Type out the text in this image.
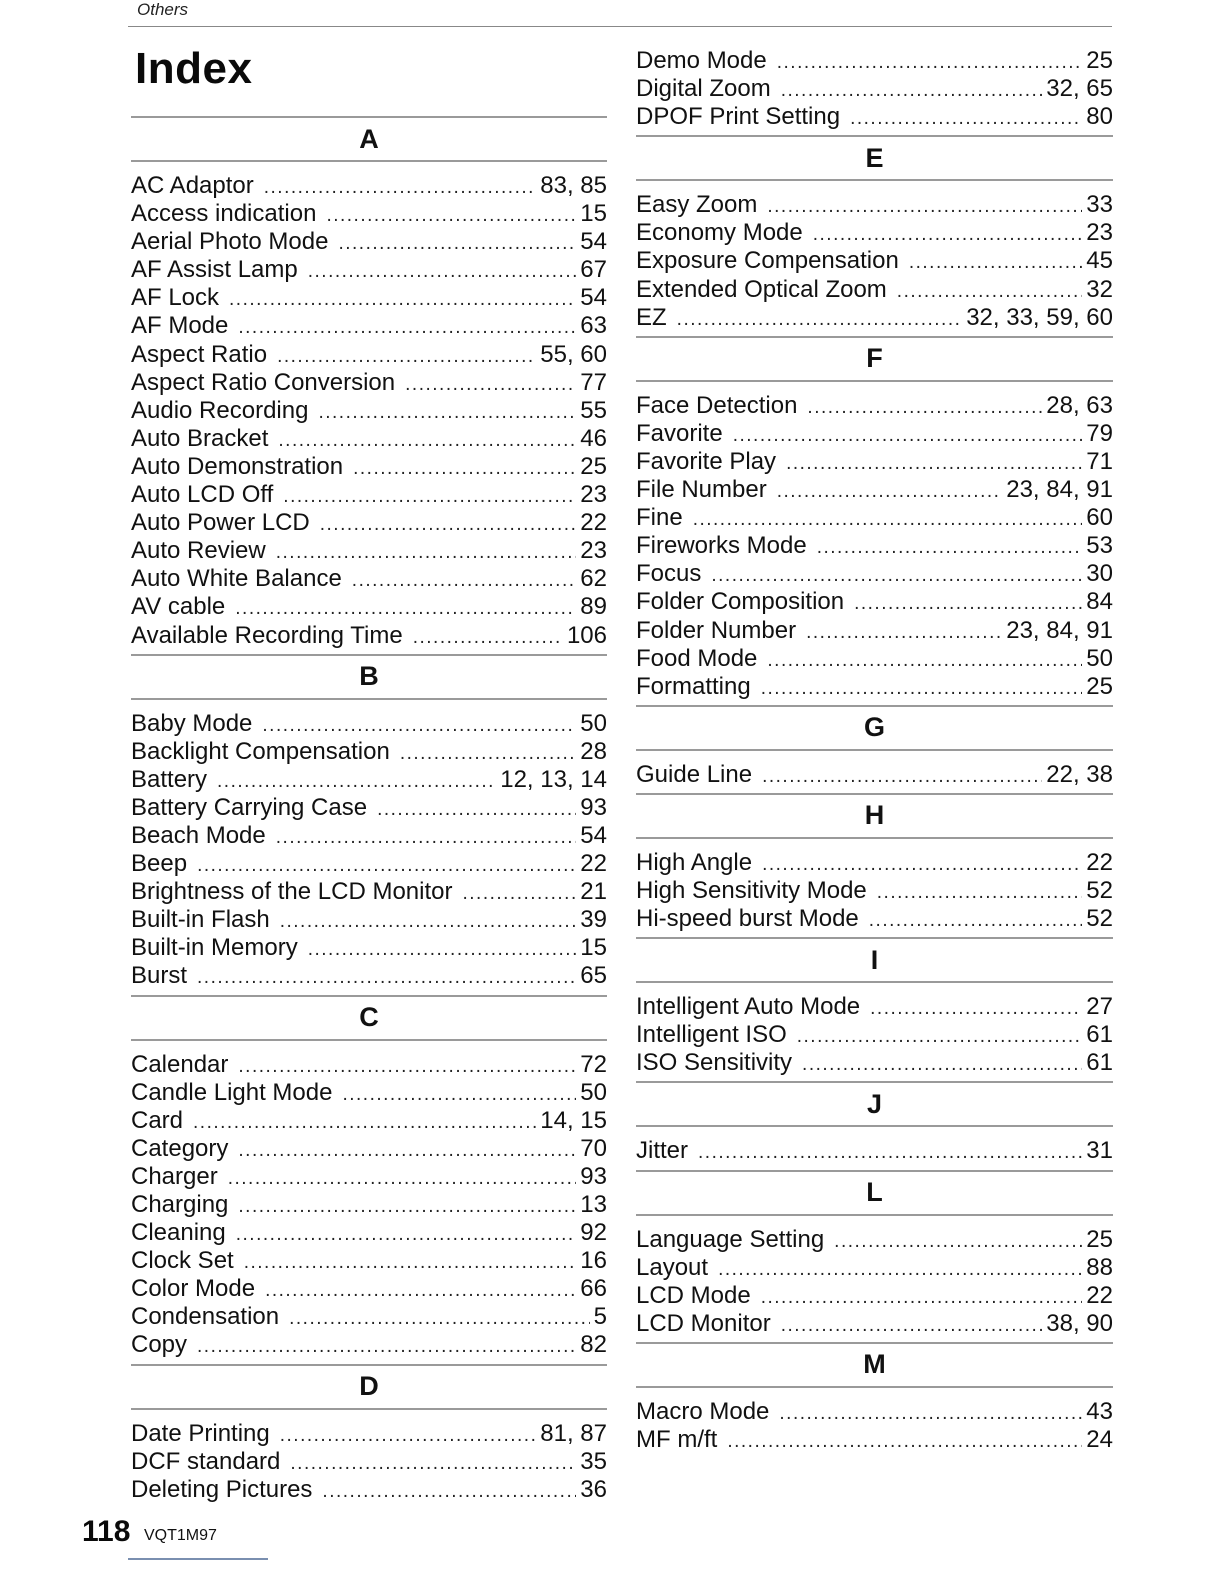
Others
Index
A
AC Adaptor .....	83, 85
Access indication .....	15
Aerial Photo Mode .....	54
AF Assist Lamp .....	67
AF Lock .....	54
AF Mode .....	63
Aspect Ratio .....	55, 60
Aspect Ratio Conversion .....	77
Audio Recording .....	55
Auto Bracket .....	46
Auto Demonstration .....	25
Auto LCD Off .....	23
Auto Power LCD .....	22
Auto Review .....	23
Auto White Balance .....	62
AV cable .....	89
Available Recording Time .....	106
B
Baby Mode .....	50
Backlight Compensation .....	28
Battery .....	12, 13, 14
Battery Carrying Case .....	93
Beach Mode .....	54
Beep .....	22
Brightness of the LCD Monitor .....	21
Built-in Flash .....	39
Built-in Memory .....	15
Burst .....	65
C
Calendar .....	72
Candle Light Mode .....	50
Card .....	14, 15
Category .....	70
Charger .....	93
Charging .....	13
Cleaning .....	92
Clock Set .....	16
Color Mode .....	66
Condensation .....	5
Copy .....	82
D
Date Printing .....	81, 87
DCF standard .....	35
Deleting Pictures .....	36
Demo Mode .....	25
Digital Zoom .....	32, 65
DPOF Print Setting .....	80
E
Easy Zoom .....	33
Economy Mode .....	23
Exposure Compensation .....	45
Extended Optical Zoom .....	32
EZ .....	32, 33, 59, 60
F
Face Detection .....	28, 63
Favorite .....	79
Favorite Play .....	71
File Number .....	23, 84, 91
Fine .....	60
Fireworks Mode .....	53
Focus .....	30
Folder Composition .....	84
Folder Number .....	23, 84, 91
Food Mode .....	50
Formatting .....	25
G
Guide Line .....	22, 38
H
High Angle .....	22
High Sensitivity Mode .....	52
Hi-speed burst Mode .....	52
I
Intelligent Auto Mode .....	27
Intelligent ISO .....	61
ISO Sensitivity .....	61
J
Jitter .....	31
L
Language Setting .....	25
Layout .....	88
LCD Mode .....	22
LCD Monitor .....	38, 90
M
Macro Mode .....	43
MF m/ft .....	24
118 VQT1M97
